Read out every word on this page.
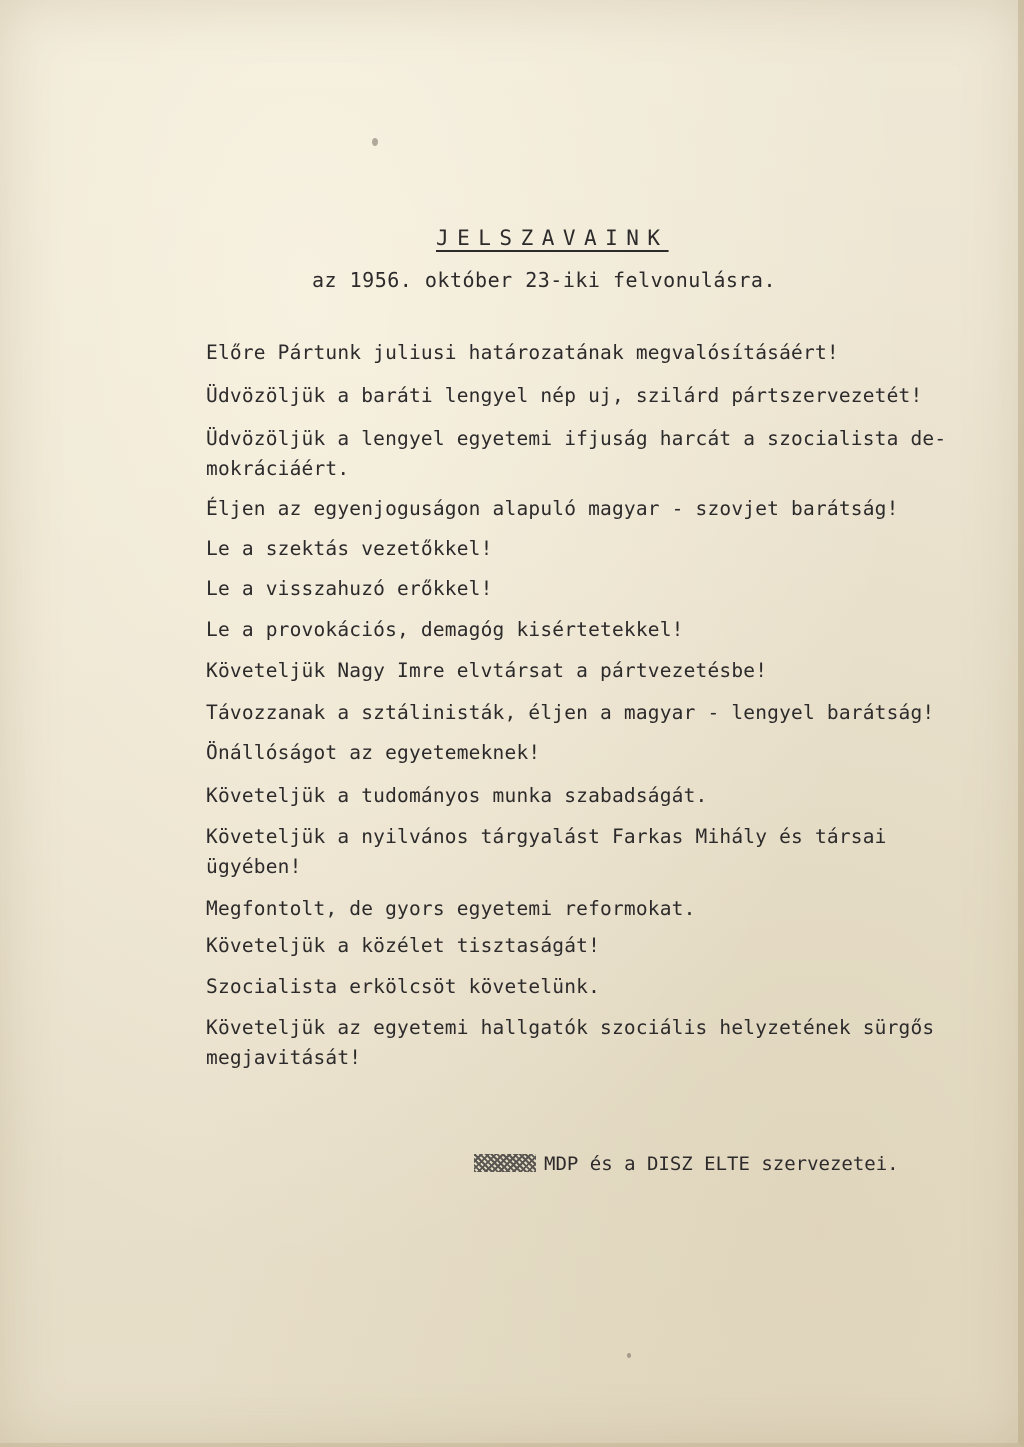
JELSZAVAINK

az 1956. október 23-iki felvonulásra.

Előre Pártunk juliusi határozatának megvalósításáért!
Üdvözöljük a baráti lengyel nép uj, szilárd pártszervezetét!
Üdvözöljük a lengyel egyetemi ifjuság harcát a szocialista de-
mokráciáért.
Éljen az egyenjoguságon alapuló magyar - szovjet barátság!
Le a szektás vezetőkkel!
Le a visszahuzó erőkkel!
Le a provokációs, demagóg kisértetekkel!
Követeljük Nagy Imre elvtársat a pártvezetésbe!
Távozzanak a sztálinisták, éljen a magyar - lengyel barátság!
Önállóságot az egyetemeknek!
Követeljük a tudományos munka szabadságát.
Követeljük a nyilvános tárgyalást Farkas Mihály és társai
ügyében!
Megfontolt, de gyors egyetemi reformokat.
Követeljük a közélet tisztaságát!
Szocialista erkölcsöt követelünk.
Követeljük az egyetemi hallgatók szociális helyzetének sürgős
megjavitását!

MDP és a DISZ ELTE szervezetei.
